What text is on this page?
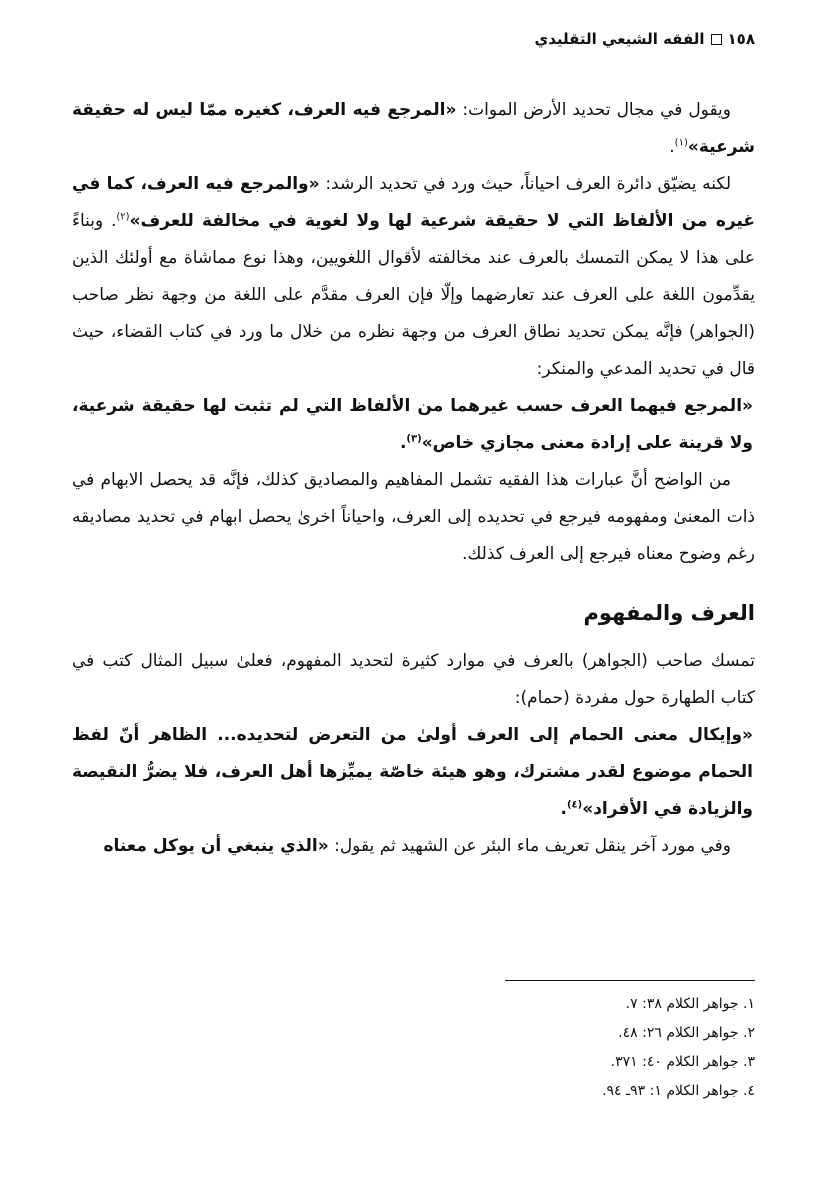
١٥٨
الفقه الشيعي التقليدي

ويقول في مجال تحديد الأرض الموات: «المرجع فيه العرف، كغيره ممّا ليس له حقيقة شرعية»$^{(١)}$.

لكنه يضيّق دائرة العرف احياناً، حيث ورد في تحديد الرشد: «والمرجع فيه العرف، كما في غيره من الألفاظ التي لا حقيقة شرعية لها ولا لغوية في مخالفة للعرف»$^{(٢)}$. وبناءً على هذا لا يمكن التمسك بالعرف عند مخالفته لأقوال اللغويين، وهذا نوع مماشاة مع أولئك الذين يقدِّمون اللغة على العرف عند تعارضهما وإلّا فإن العرف مقدَّم على اللغة من وجهة نظر صاحب (الجواهر) فإنَّه يمكن تحديد نطاق العرف من وجهة نظره من خلال ما ورد في كتاب القضاء، حيث قال في تحديد المدعي والمنكر:

«المرجع فيهما العرف حسب غيرهما من الألفاظ التي لم تثبت لها حقيقة شرعية، ولا قرينة على إرادة معنى مجازي خاص»$^{(٣)}$.

من الواضح أنَّ عبارات هذا الفقيه تشمل المفاهيم والمصاديق كذلك، فإنَّه قد يحصل الابهام في ذات المعنىٰ ومفهومه فيرجع في تحديده إلى العرف، واحياناً اخرىٰ يحصل ابهام في تحديد مصاديقه رغم وضوح معناه فيرجع إلى العرف كذلك.

العرف والمفهوم

تمسك صاحب (الجواهر) بالعرف في موارد كثيرة لتحديد المفهوم، فعلىٰ سبيل المثال كتب في كتاب الطهارة حول مفردة (حمام):

«وإيكال معنى الحمام إلى العرف أولىٰ من التعرض لتحديده... الظاهر أنّ لفظ الحمام موضوع لقدر مشترك، وهو هيئة خاصّة يميِّزها أهل العرف، فلا يضرُّ النقيصة والزيادة في الأفراد»$^{(٤)}$.

وفي مورد آخر ينقل تعريف ماء البئر عن الشهيد ثم يقول: «الذي ينبغي أن يوكل معناه

١. جواهر الكلام ٣٨: ٧.
٢. جواهر الكلام ٢٦: ٤٨.
٣. جواهر الكلام ٤٠: ٣٧١.
٤. جواهر الكلام ١: ٩٣ـ ٩٤.
